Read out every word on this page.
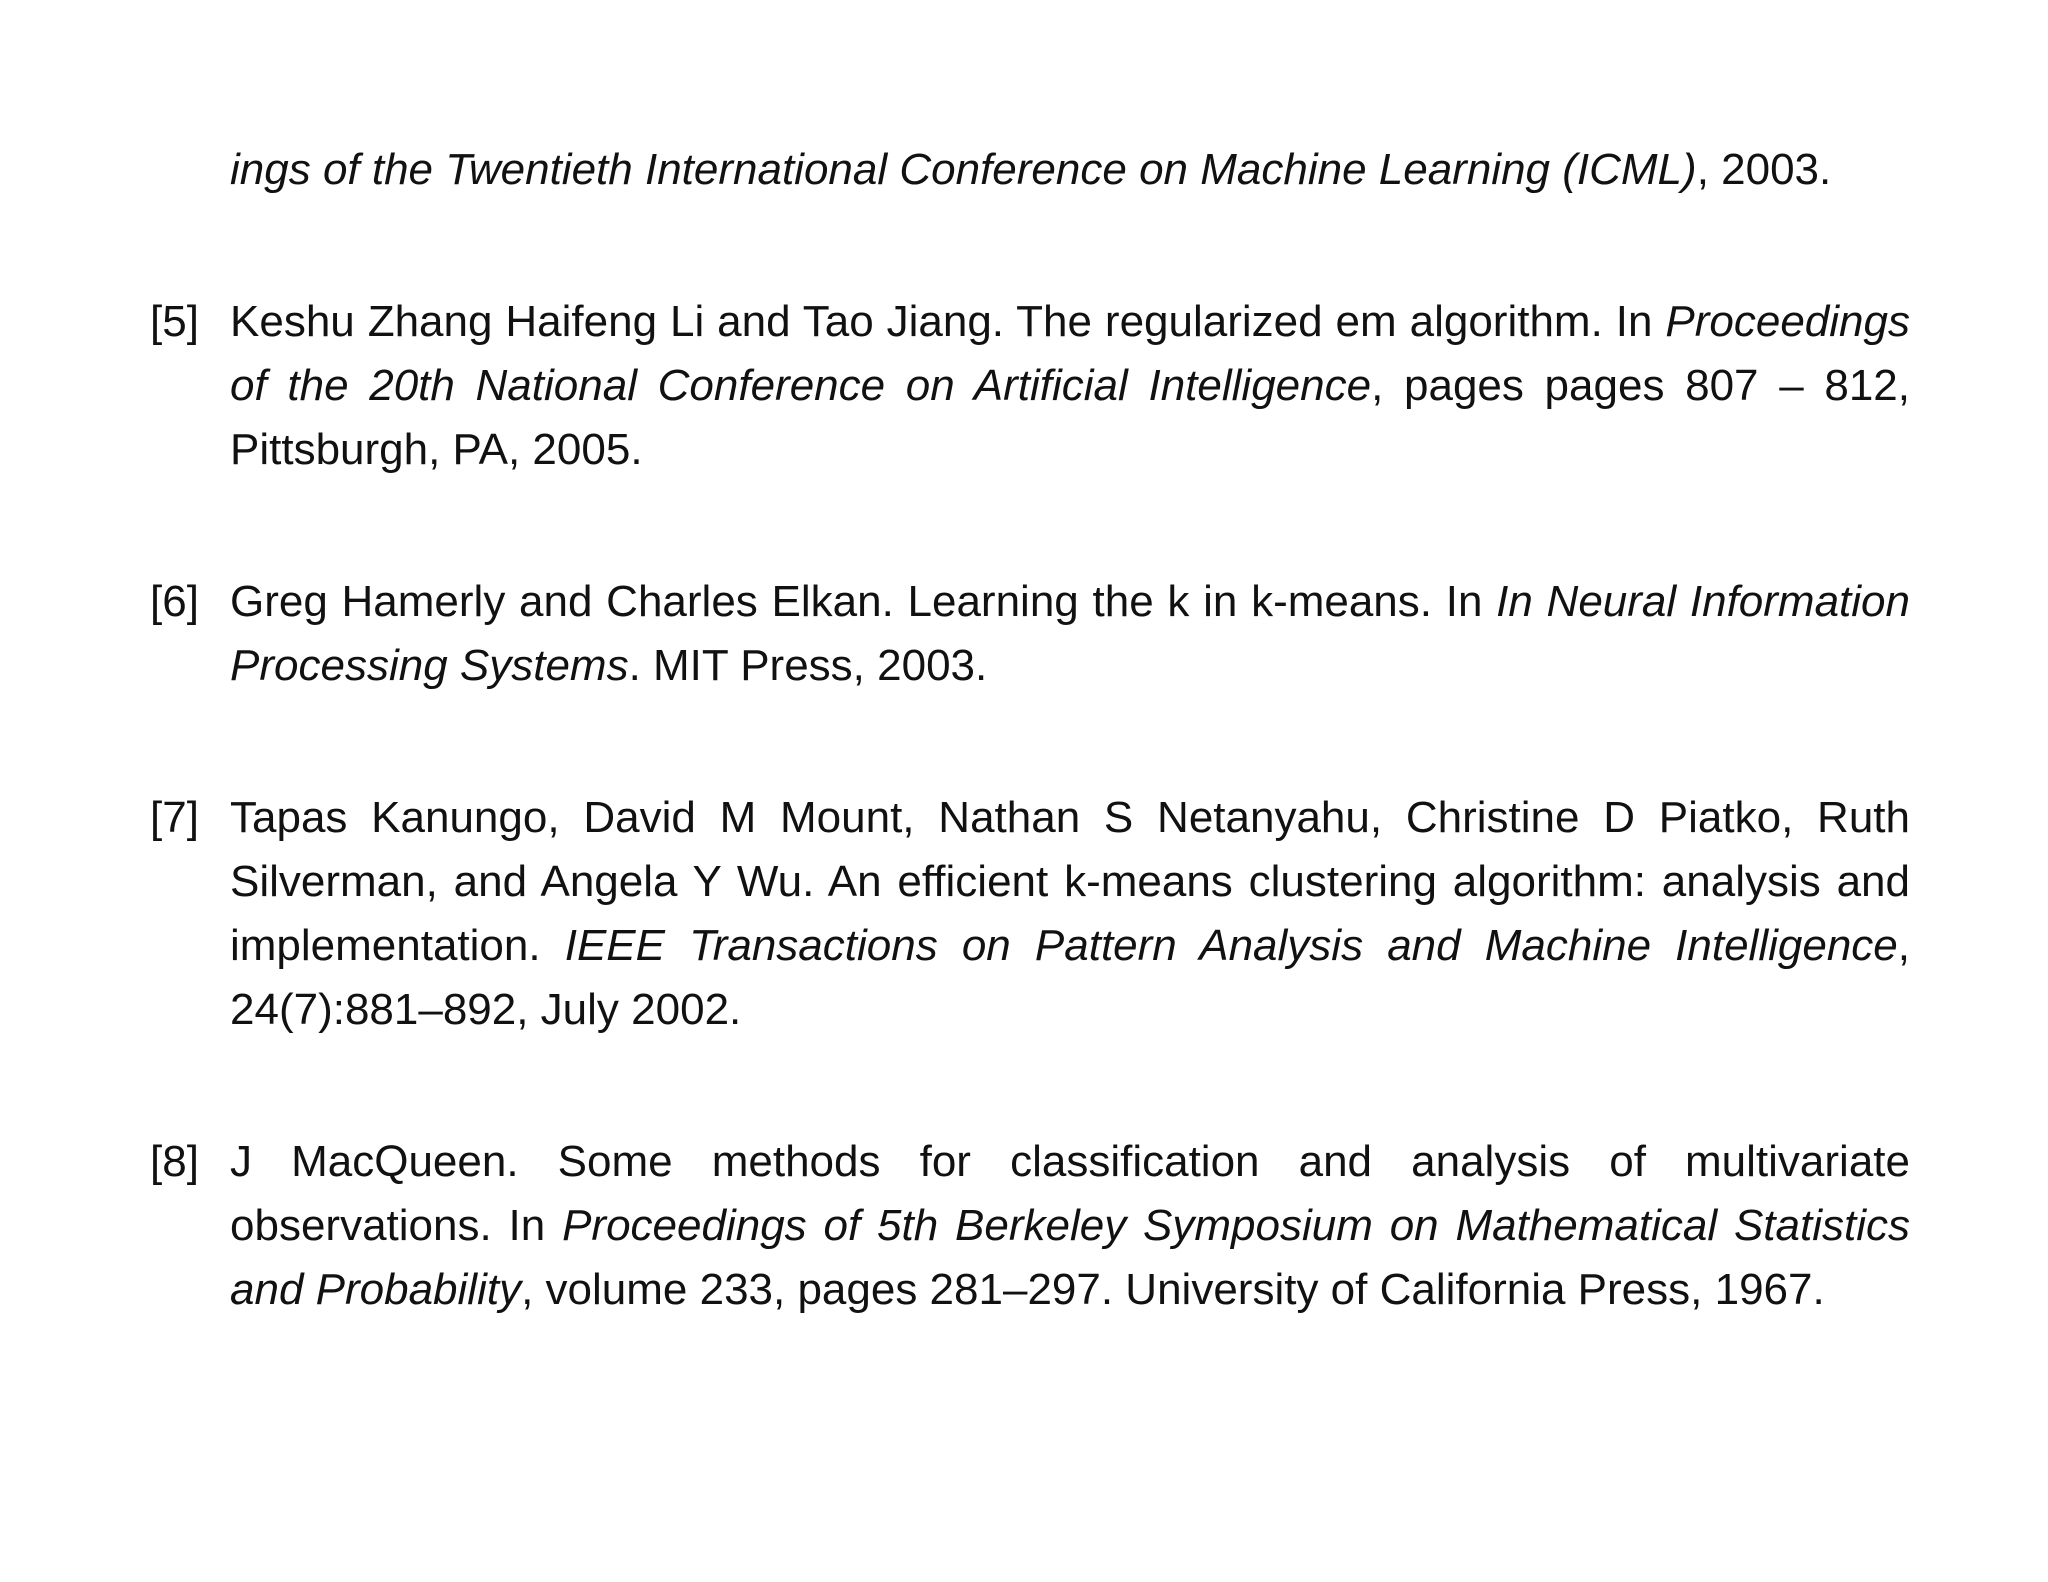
ings of the Twentieth International Conference on Machine Learning (ICML), 2003.
[5] Keshu Zhang Haifeng Li and Tao Jiang. The regularized em algorithm. In Proceedings of the 20th National Conference on Artificial Intelligence, pages pages 807 – 812, Pittsburgh, PA, 2005.
[6] Greg Hamerly and Charles Elkan. Learning the k in k-means. In In Neural Information Processing Systems. MIT Press, 2003.
[7] Tapas Kanungo, David M Mount, Nathan S Netanyahu, Christine D Piatko, Ruth Silverman, and Angela Y Wu. An efficient k-means clustering algorithm: analysis and implementation. IEEE Transactions on Pattern Analysis and Machine Intelligence, 24(7):881–892, July 2002.
[8] J MacQueen. Some methods for classification and analysis of multivariate observations. In Proceedings of 5th Berkeley Symposium on Mathematical Statistics and Probability, volume 233, pages 281–297. University of California Press, 1967.
